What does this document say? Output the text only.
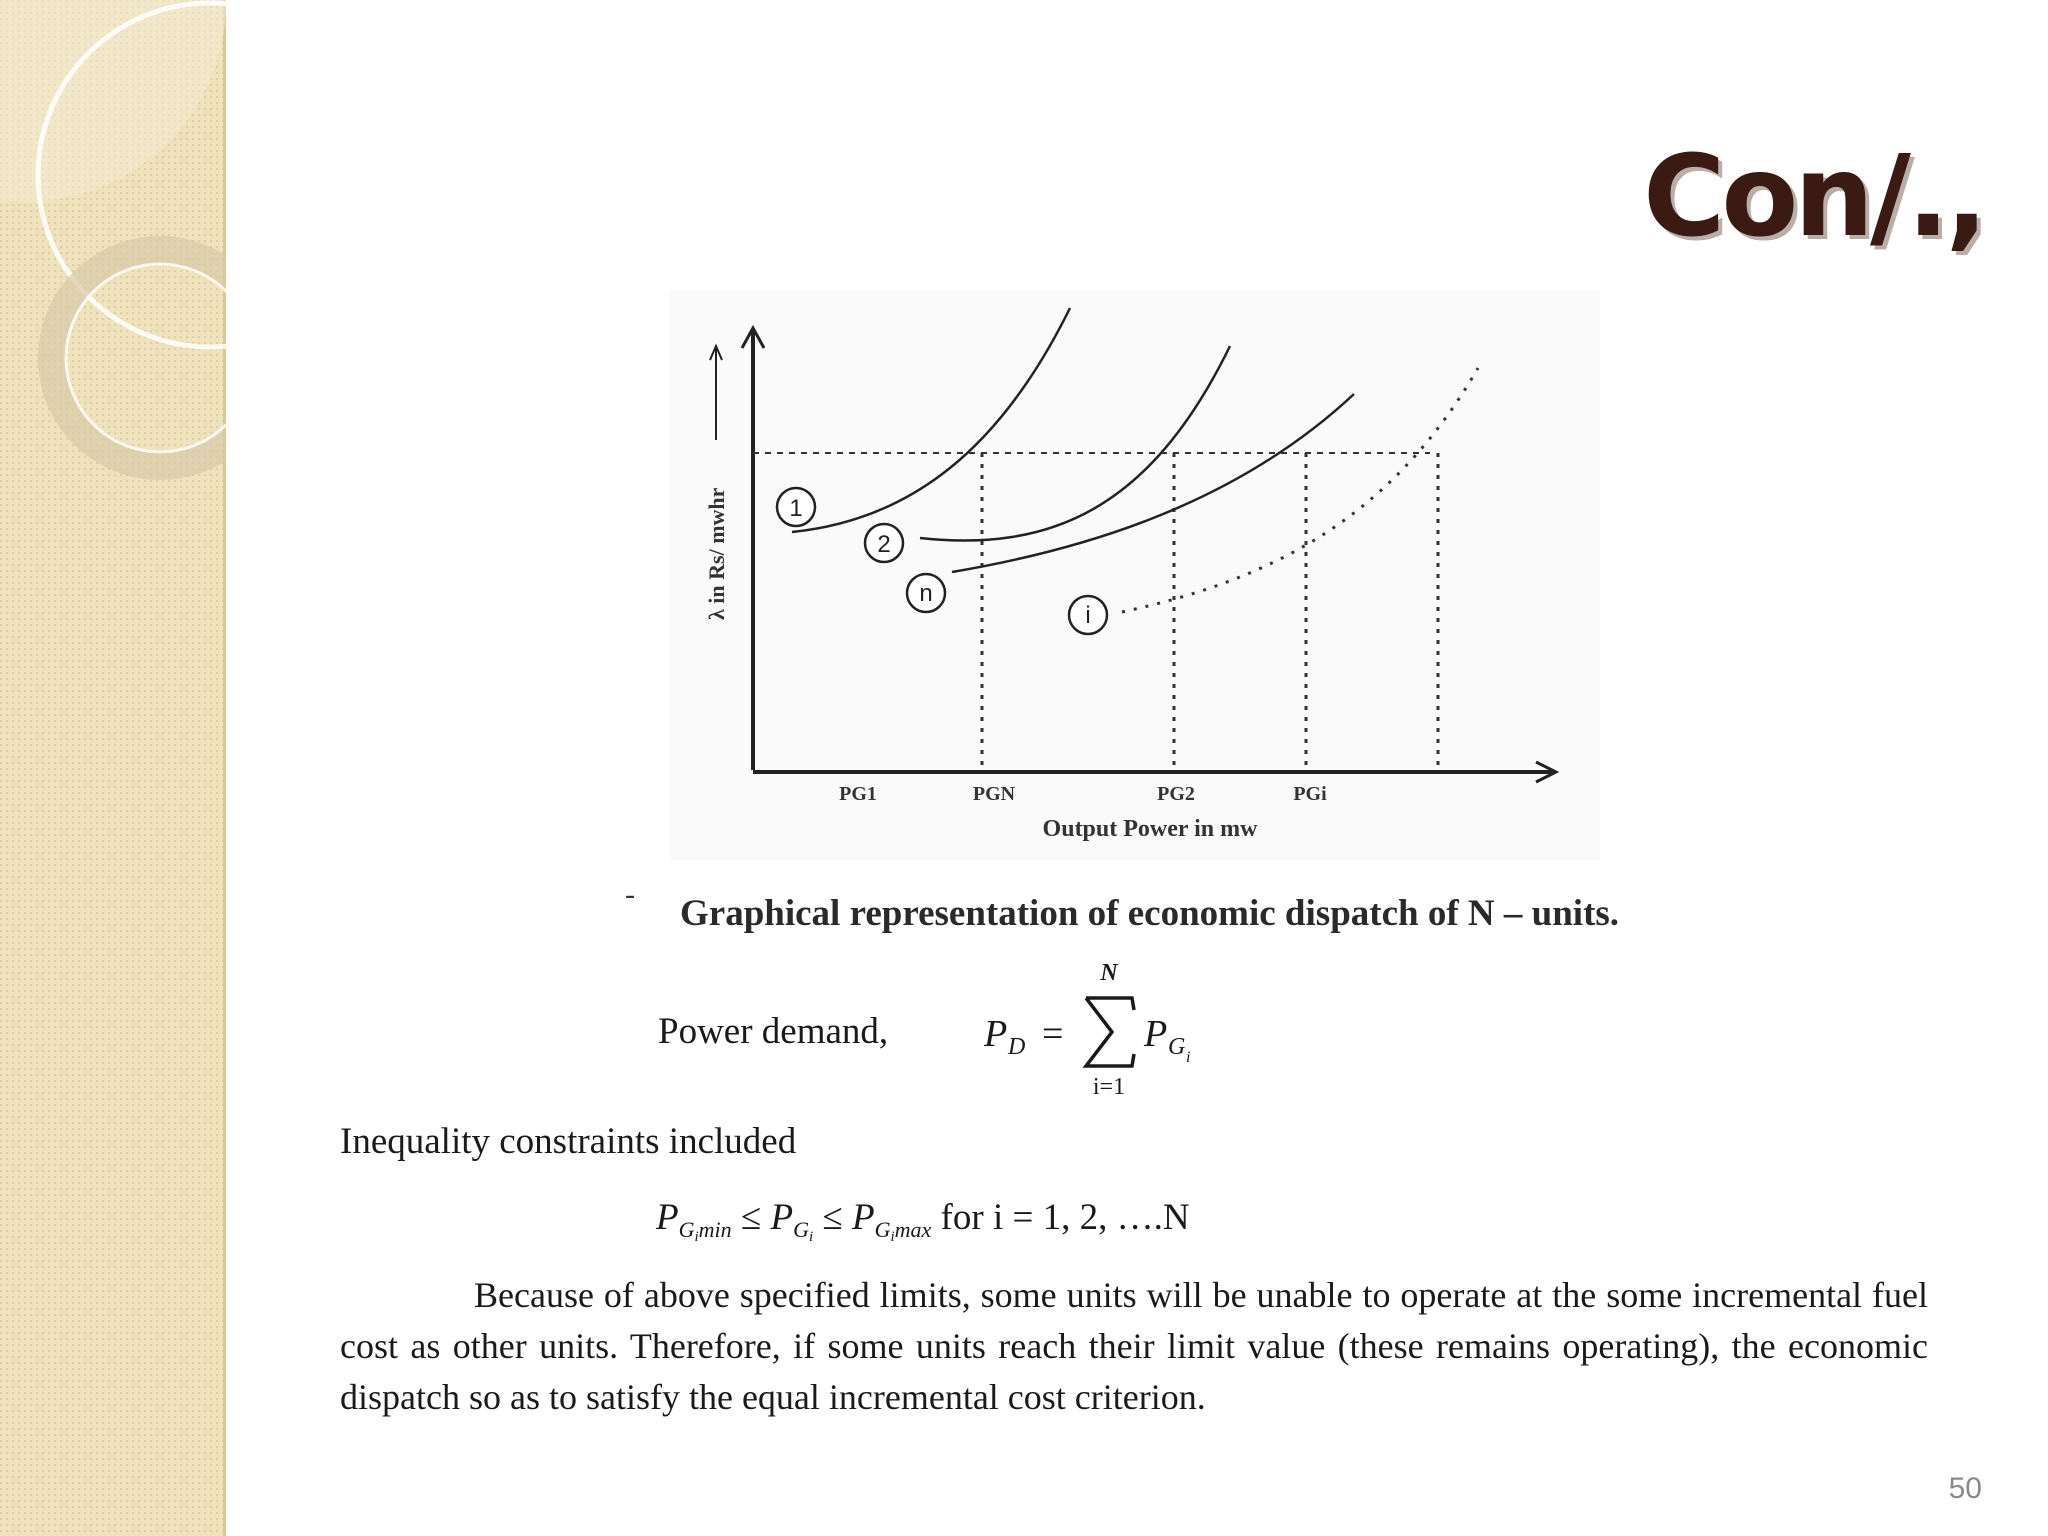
Con/.,
λ in Rs/ mwhr	1
2
n
i
PG1	PGN	PG2	PGi
Output Power in mw
- Graphical representation of economic dispatch of N – units.
Power demand,	P D =
N
i=1
P G i
Inequality constraints included
$P_{G_imin} \le P_{G_i} \le P_{G_imax}$ for i = 1, 2, ….N
Because of above specified limits, some units will be unable to operate at the some incremental fuel cost as other units. Therefore, if some units reach their limit value (these remains operating), the economic dispatch so as to satisfy the equal incremental cost criterion.
50
